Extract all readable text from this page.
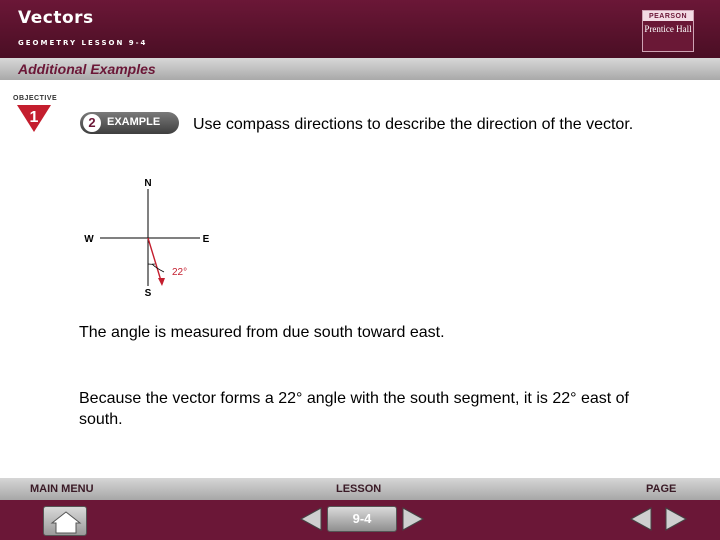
Vectors
GEOMETRY LESSON 9-4
PEARSON
Prentice Hall
Additional Examples
OBJECTIVE
1	2	EXAMPLE Use compass directions to describe the direction of the vector.
N
S
E
W
22°
The angle is measured from due south toward east.
Because the vector forms a 22° angle with the south segment, it is 22° east of south.
MAIN MENU	LESSON	PAGE
9-4
